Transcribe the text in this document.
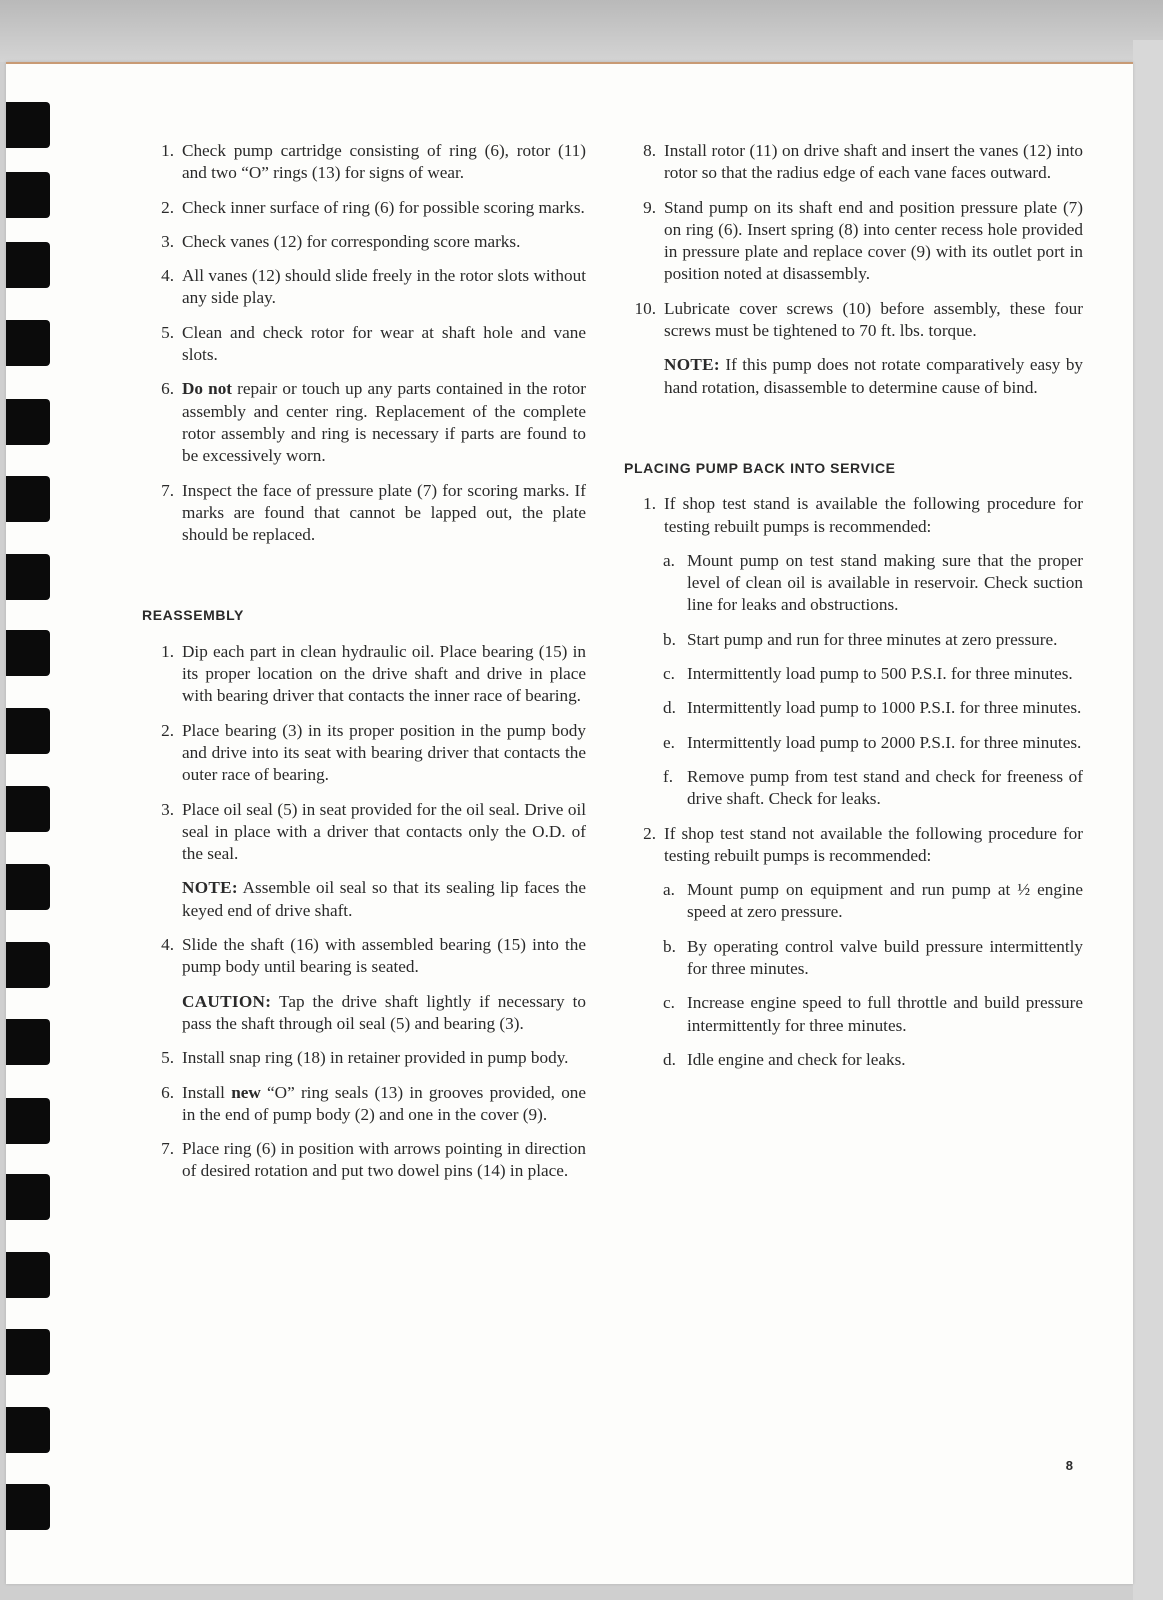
1. Check pump cartridge consisting of ring (6), rotor (11) and two “O” rings (13) for signs of wear.
2. Check inner surface of ring (6) for possible scoring marks.
3. Check vanes (12) for corresponding score marks.
4. All vanes (12) should slide freely in the rotor slots without any side play.
5. Clean and check rotor for wear at shaft hole and vane slots.
6. Do not repair or touch up any parts contained in the rotor assembly and center ring. Replacement of the complete rotor assembly and ring is necessary if parts are found to be excessively worn.
7. Inspect the face of pressure plate (7) for scoring marks. If marks are found that cannot be lapped out, the plate should be replaced.
REASSEMBLY
1. Dip each part in clean hydraulic oil. Place bearing (15) in its proper location on the drive shaft and drive in place with bearing driver that contacts the inner race of bearing.
2. Place bearing (3) in its proper position in the pump body and drive into its seat with bearing driver that contacts the outer race of bearing.
3. Place oil seal (5) in seat provided for the oil seal. Drive oil seal in place with a driver that contacts only the O.D. of the seal.
NOTE: Assemble oil seal so that its sealing lip faces the keyed end of drive shaft.
4. Slide the shaft (16) with assembled bearing (15) into the pump body until bearing is seated.
CAUTION: Tap the drive shaft lightly if necessary to pass the shaft through oil seal (5) and bearing (3).
5. Install snap ring (18) in retainer provided in pump body.
6. Install new “O” ring seals (13) in grooves provided, one in the end of pump body (2) and one in the cover (9).
7. Place ring (6) in position with arrows pointing in direction of desired rotation and put two dowel pins (14) in place.
8. Install rotor (11) on drive shaft and insert the vanes (12) into rotor so that the radius edge of each vane faces outward.
9. Stand pump on its shaft end and position pressure plate (7) on ring (6). Insert spring (8) into center recess hole provided in pressure plate and replace cover (9) with its outlet port in position noted at disassembly.
10. Lubricate cover screws (10) before assembly, these four screws must be tightened to 70 ft. lbs. torque.
NOTE: If this pump does not rotate comparatively easy by hand rotation, disassemble to determine cause of bind.
PLACING PUMP BACK INTO SERVICE
1. If shop test stand is available the following procedure for testing rebuilt pumps is recommended:
a. Mount pump on test stand making sure that the proper level of clean oil is available in reservoir. Check suction line for leaks and obstructions.
b. Start pump and run for three minutes at zero pressure.
c. Intermittently load pump to 500 P.S.I. for three minutes.
d. Intermittently load pump to 1000 P.S.I. for three minutes.
e. Intermittently load pump to 2000 P.S.I. for three minutes.
f. Remove pump from test stand and check for freeness of drive shaft. Check for leaks.
2. If shop test stand not available the following procedure for testing rebuilt pumps is recommended:
a. Mount pump on equipment and run pump at ½ engine speed at zero pressure.
b. By operating control valve build pressure intermittently for three minutes.
c. Increase engine speed to full throttle and build pressure intermittently for three minutes.
d. Idle engine and check for leaks.
8
